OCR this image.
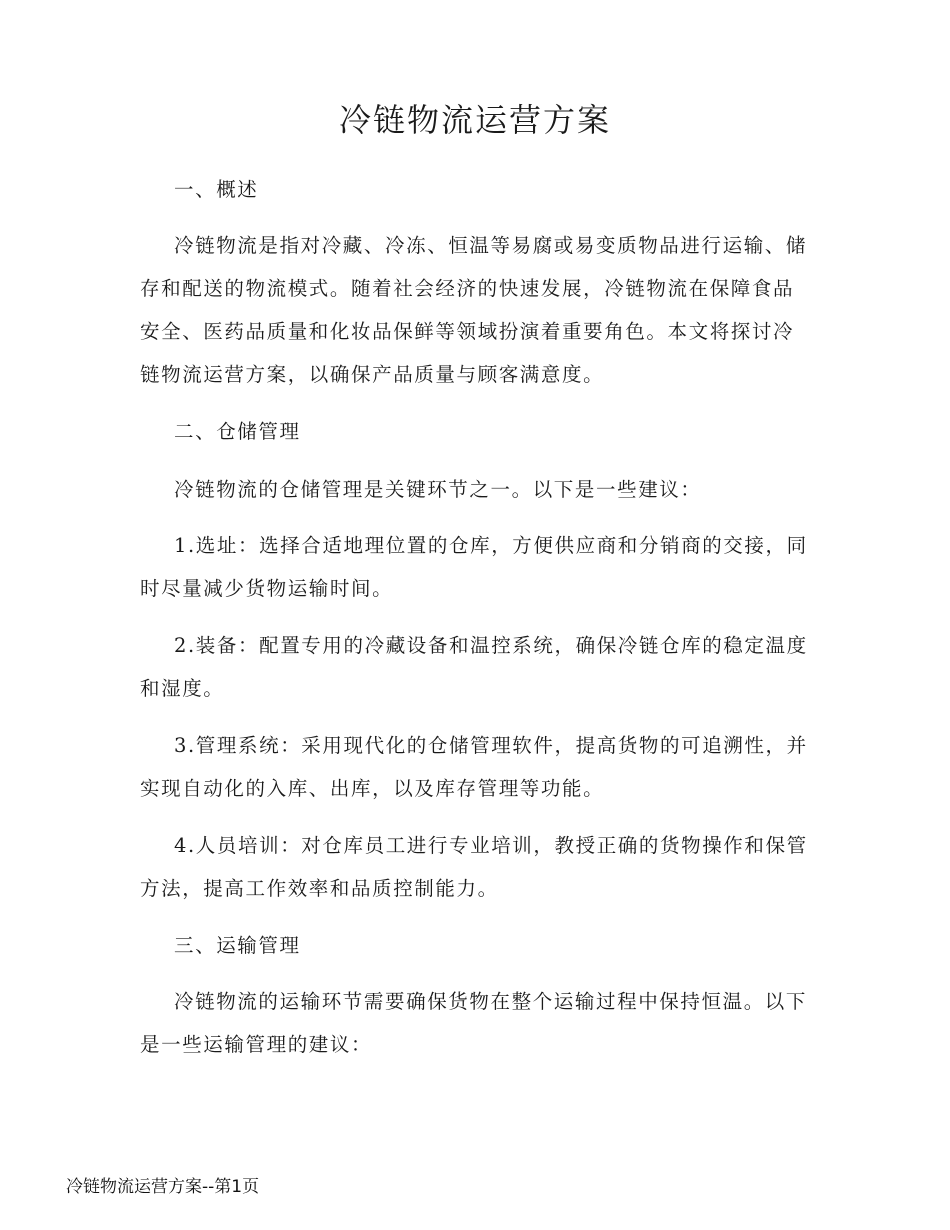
冷链物流运营方案

一、概述

冷链物流是指对冷藏、冷冻、恒温等易腐或易变质物品进行运输、储存和配送的物流模式。随着社会经济的快速发展，冷链物流在保障食品安全、医药品质量和化妆品保鲜等领域扮演着重要角色。本文将探讨冷链物流运营方案，以确保产品质量与顾客满意度。

二、仓储管理

冷链物流的仓储管理是关键环节之一。以下是一些建议：

1.选址：选择合适地理位置的仓库，方便供应商和分销商的交接，同时尽量减少货物运输时间。

2.装备：配置专用的冷藏设备和温控系统，确保冷链仓库的稳定温度和湿度。

3.管理系统：采用现代化的仓储管理软件，提高货物的可追溯性，并实现自动化的入库、出库，以及库存管理等功能。

4.人员培训：对仓库员工进行专业培训，教授正确的货物操作和保管方法，提高工作效率和品质控制能力。

三、运输管理

冷链物流的运输环节需要确保货物在整个运输过程中保持恒温。以下是一些运输管理的建议：

冷链物流运营方案--第1页
